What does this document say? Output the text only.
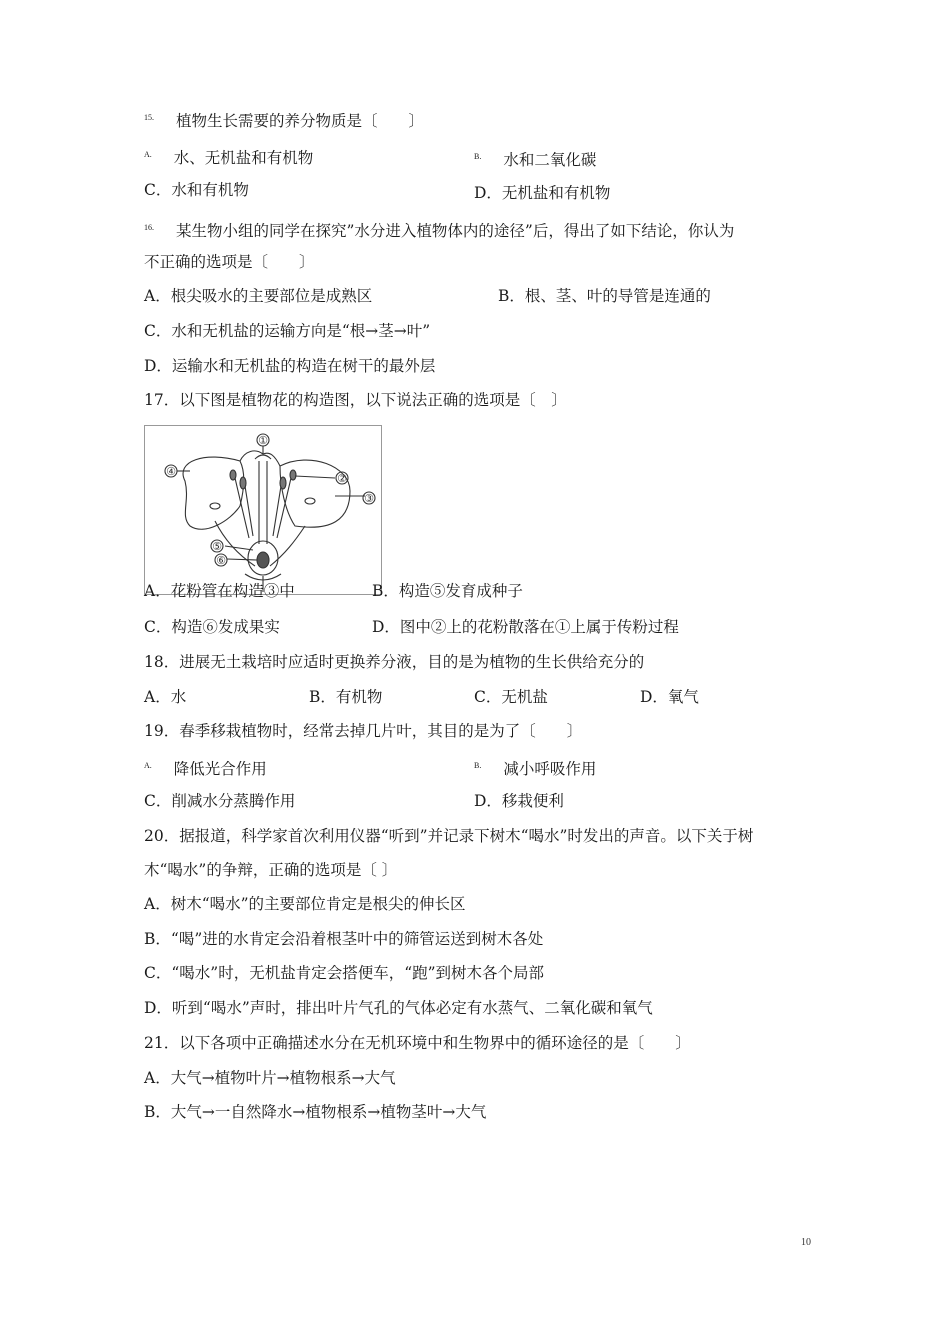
$^{15.}$ 植物生长需要的养分物质是〔　　〕
$^{A.}$ 水、无机盐和有机物	$^{B.}$ 水和二氧化碳
C．水和有机物	D．无机盐和有机物
$^{16.}$ 某生物小组的同学在探究”水分进入植物体内的途径”后，得出了如下结论，你认为
不正确的选项是〔　　〕
A．根尖吸水的主要部位是成熟区	B．根、茎、叶的导管是连通的
C．水和无机盐的运输方向是“根→茎→叶”
D．运输水和无机盐的构造在树干的最外层
17．以下图是植物花的构造图，以下说法正确的选项是〔　〕
①
②
③
④
⑤
⑥
A．花粉管在构造③中	B．构造⑤发育成种子
C．构造⑥发成果实	D．图中②上的花粉散落在①上属于传粉过程
18．进展无土栽培时应适时更换养分液，目的是为植物的生长供给充分的
A．水	B．有机物	C．无机盐	D．氧气
19．春季移栽植物时，经常去掉几片叶，其目的是为了〔　　〕
$^{A.}$ 降低光合作用	$^{B.}$ 减小呼吸作用
C．削减水分蒸腾作用	D．移栽便利
20．据报道，科学家首次利用仪器“听到”并记录下树木“喝水”时发出的声音。以下关于树
木“喝水”的争辩，正确的选项是〔 〕
A．树木“喝水”的主要部位肯定是根尖的伸长区
B．“喝”进的水肯定会沿着根茎叶中的筛管运送到树木各处
C．“喝水”时，无机盐肯定会搭便车，“跑”到树木各个局部
D．听到“喝水”声时，排出叶片气孔的气体必定有水蒸气、二氧化碳和氧气
21．以下各项中正确描述水分在无机环境中和生物界中的循环途径的是〔　　〕
A．大气→植物叶片→植物根系→大气
B．大气→一自然降水→植物根系→植物茎叶→大气
10
